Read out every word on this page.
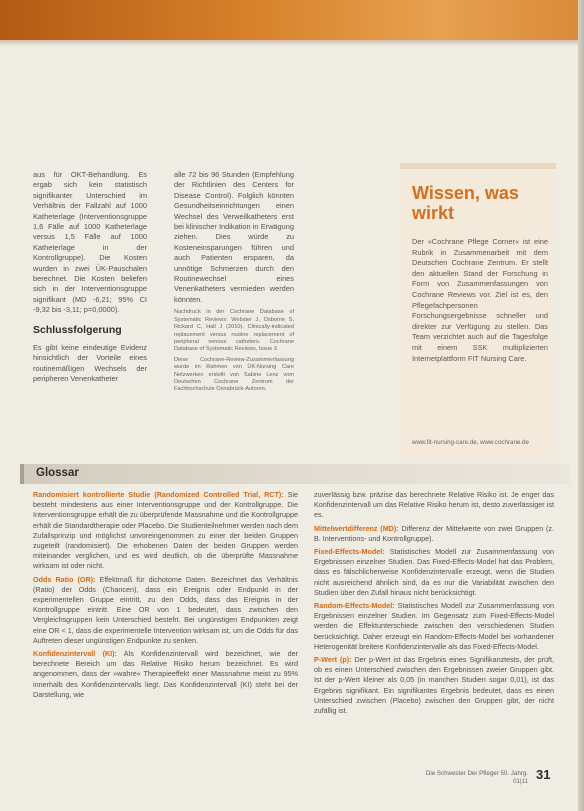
aus für OKT-Behandlung. Es ergab sich kein statistisch signifikanter Unterschied im Verhältnis der Fallzahl auf 1000 Katheterlage (Interventionsgruppe 1,6 Fälle auf 1000 Katheterlage versus 1,5 Fälle auf 1000 Katheterlage in der Kontrollgruppe). Die Kosten wurden in zwei ÜK-Pauschalen berechnet. Die Kosten beliefen sich in der Interventionsgruppe signifikant (MD -6,21; 95% CI -9,32 bis -3,11; p=0,0000).

Schlussfolgerung

Es gibt keine eindeutige Evidenz hinsichtlich der Vorteile eines routinemäßigen Wechsels der peripheren Venenkatheter

alle 72 bis 96 Stunden (Empfehlung der Richtlinien des Centers for Disease Control). Folglich könnten Gesundheitseinrichtungen einen Wechsel des Verweilkatheters erst bei klinischer Indikation in Erwägung ziehen. Dies würde zu Kosteneinsparungen führen und auch Patienten ersparen, da unnötige Schmerzen durch den Routinewechsel eines Venenkatheters vermieden werden könnten.

Nachdruck in der Cochrane Database of Systematic Reviews: Webster J, Osborne S, Rickard C, Hall J (2010). Clinically-indicated replacement versus routine replacement of peripheral venous catheters. Cochrane Database of Systematic Reviews, Issue 3.

Diese Cochrane-Review-Zusammenfassung wurde im Rahmen von ÜK-Nursing Care Netzwerken erstellt von Sabine Lenz vom Deutschen Cochrane Zentrum der Fachhochschule Osnabrück-Autoren.

Wissen, was wirkt
Der »Cochrane Pflege Corner« ist eine Rubrik in Zusammenarbeit mit dem Deutschen Cochrane Zentrum. Er stellt den aktuellen Stand der Forschung in Form von Zusammenfassungen von Cochrane Reviews vor. Ziel ist es, den Pflegefachpersonen Forschungsergebnisse schneller und direkter zur Verfügung zu stellen. Das Team verzichtet auch auf die Tagesfolge mit einem SSK multiplizierten Internetplattform FIT Nursing Care.
www.fit-nursing-care.de, www.cochrane.de
Glossar

Randomisiert kontrollierte Studie (Randomized Controlled Trial, RCT): Sie besteht mindestens aus einer Interventionsgruppe und der Kontrollgruppe. Die Interventionsgruppe erhält die zu überprüfende Massnahme und die Kontrollgruppe erhält die Standardtherapie oder Placebo. Die Studienteilnehmer werden nach dem Zufallsprinzip und möglichst unvoreingenommen zu einer der beiden Gruppen zugeteilt (randomisiert). Die erhobenen Daten der beiden Gruppen werden miteinander verglichen, und es wird deutlich, ob die überprüfte Massnahme wirksam ist oder nicht.

Odds Ratio (OR): Effektmaß für dichotome Daten. Bezeichnet das Verhältnis (Ratio) der Odds (Chancen), dass ein Ereignis oder Endpunkt in der experimentellen Gruppe eintritt, zu den Odds, dass das Ereignis in der Kontrollgruppe eintritt. Eine OR von 1 bedeutet, dass zwischen den Vergleichsgruppen kein Unterschied besteht. Bei ungünstigen Endpunkten zeigt eine OR < 1, dass die experimentelle Intervention wirksam ist, um die Odds für das Auftreten dieser ungünstigen Endpunkte zu senken.

Konfidenzintervall (KI): Als Konfidenzintervall wird bezeichnet, wie der berechnete Bereich um das Relative Risiko herum bezeichnet. Es wird angenommen, dass der »wahre« Therapieeffekt einer Massnahme meist zu 95% innerhalb des Konfidenzintervalls liegt. Das Konfidenzintervall (KI) steht bei der Darstellung, wie

zuverlässig bzw. präzise das berechnete Relative Risiko ist. Je enger das Konfidenzintervall um das Relative Risiko herum ist, desto zuverlässiger ist es.

Mittelwertdifferenz (MD): Differenz der Mittelwerte von zwei Gruppen (z. B. Interventions- und Kontrollgruppe).

Fixed-Effects-Model: Statistisches Modell zur Zusammenfassung von Ergebnissen einzelner Studien. Das Fixed-Effects-Model hat das Problem, dass es fälschlicherweise Konfidenzintervalle erzeugt, wenn die Studien nicht ausreichend ähnlich sind, da es nur die Variabilität zwischen den Studien über den Zufall hinaus nicht berücksichtigt.

Random-Effects-Model: Statistisches Modell zur Zusammenfassung von Ergebnissen einzelner Studien. Im Gegensatz zum Fixed-Effects-Model werden die Effektunterschiede zwischen den verschiedenen Studien berücksichtigt. Daher erzeugt ein Random-Effects-Model bei vorhandener Heterogenität breitere Konfidenzintervalle als das Fixed-Effects-Model.

P-Wert (p): Der p-Wert ist das Ergebnis eines Signifikanztests, der prüft, ob es einen Unterschied zwischen den Ergebnissen zweier Gruppen gibt. Ist der p-Wert kleiner als 0,05 (in manchen Studien sogar 0,01), ist das Ergebnis signifikant. Ein signifikantes Ergebnis bedeutet, dass es einen Unterschied zwischen (Placebo) zwischen den Gruppen gibt, der nicht zufällig ist.

Die Schwester Der Pfleger 50. Jahrg. 01|11 31
